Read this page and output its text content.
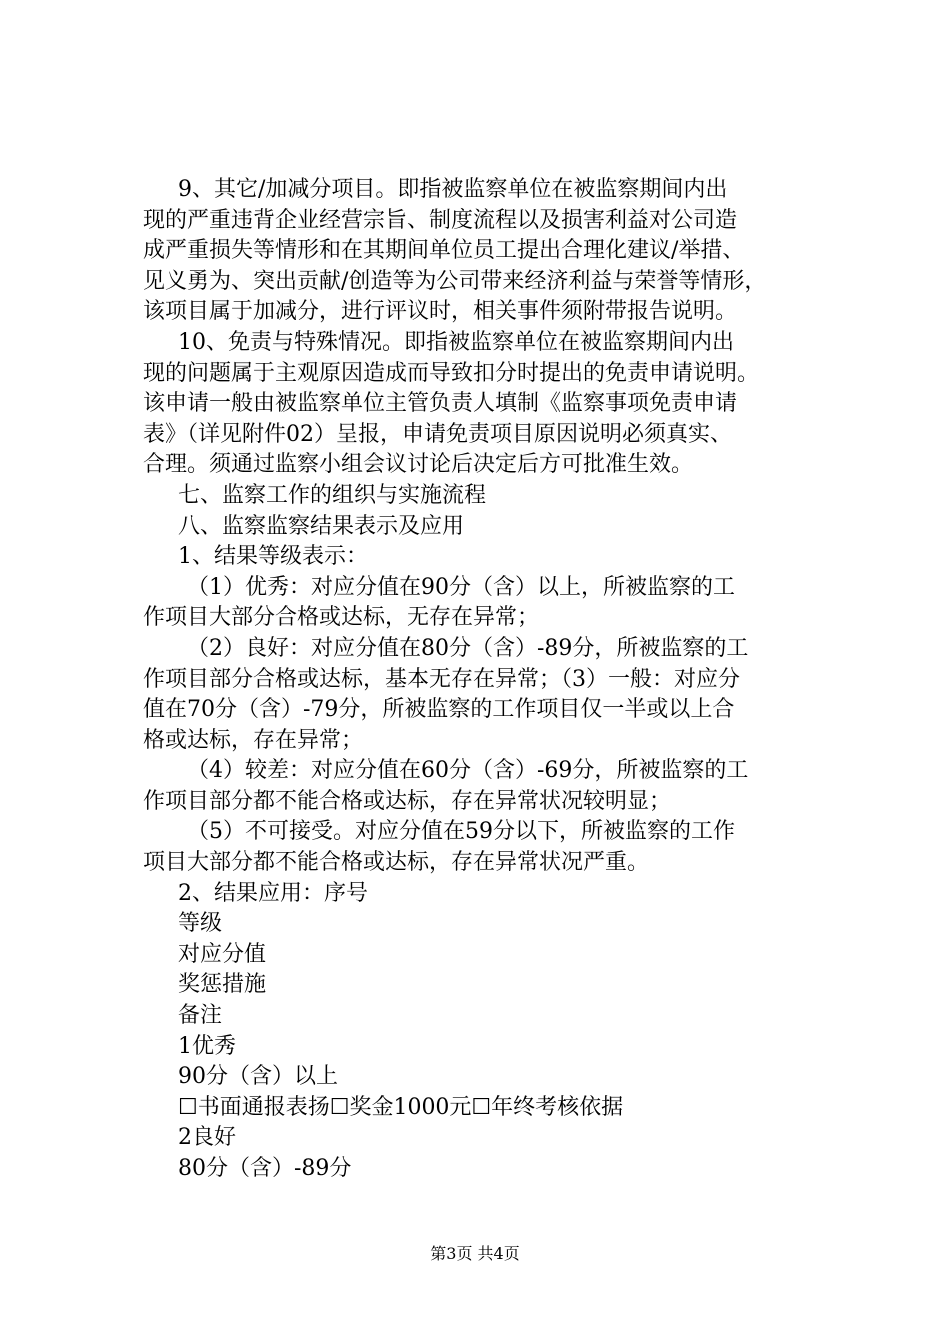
9、其它/加减分项目。即指被监察单位在被监察期间内出
现的严重违背企业经营宗旨、制度流程以及损害利益对公司造
成严重损失等情形和在其期间单位员工提出合理化建议/举措、
见义勇为、突出贡献/创造等为公司带来经济利益与荣誉等情形，
该项目属于加减分，进行评议时，相关事件须附带报告说明。
10、免责与特殊情况。即指被监察单位在被监察期间内出
现的问题属于主观原因造成而导致扣分时提出的免责申请说明。
该申请一般由被监察单位主管负责人填制《监察事项免责申请
表》（详见附件02）呈报，申请免责项目原因说明必须真实、
合理。须通过监察小组会议讨论后决定后方可批准生效。
七、监察工作的组织与实施流程
八、监察监察结果表示及应用
1、结果等级表示：
（1）优秀：对应分值在90分（含）以上，所被监察的工
作项目大部分合格或达标，无存在异常；
（2）良好：对应分值在80分（含）-89分，所被监察的工
作项目部分合格或达标，基本无存在异常；（3）一般：对应分
值在70分（含）-79分，所被监察的工作项目仅一半或以上合
格或达标，存在异常；
（4）较差：对应分值在60分（含）-69分，所被监察的工
作项目部分都不能合格或达标，存在异常状况较明显；
（5）不可接受。对应分值在59分以下，所被监察的工作
项目大部分都不能合格或达标，存在异常状况严重。
2、结果应用：序号
等级
对应分值
奖惩措施
备注
1优秀
90分（含）以上
☐书面通报表扬☐奖金1000元☐年终考核依据
2良好
80分（含）-89分
第3页 共4页
